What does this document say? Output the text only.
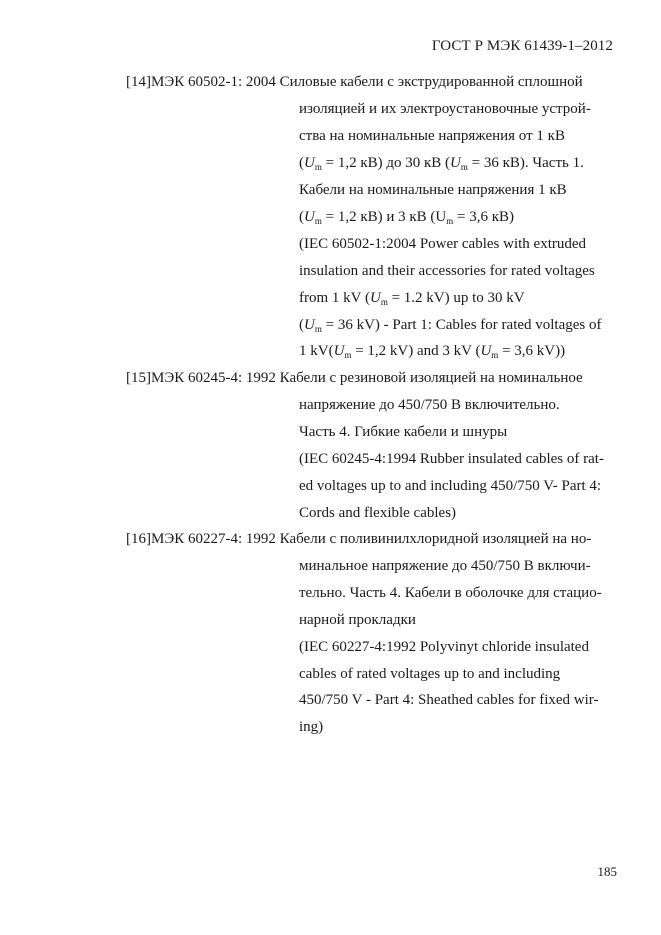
ГОСТ Р МЭК 61439-1–2012
[14]МЭК 60502-1: 2004 Силовые кабели с экструдированной сплошной
изоляцией и их электроустановочные устрой-
ства на номинальные напряжения от 1 кВ
($U_m = 1,2$ кВ) до 30 кВ ($U_m = 36$ кВ). Часть 1.
Кабели на номинальные напряжения 1 кВ
($U_m = 1,2$ кВ) и 3 кВ ($U_m = 3,6$ кВ)
(IEC 60502-1:2004 Power cables with extruded
insulation and their accessories for rated voltages
from 1 kV ($U_m = 1.2$ kV) up to 30 kV
($U_m = 36$ kV) - Part 1: Cables for rated voltages of
1 $kV(U_m = 1,2$ kV) and 3 kV ($U_m = 3,6$ kV))
[15]МЭК 60245-4: 1992 Кабели с резиновой изоляцией на номинальное
напряжение до 450/750 В включительно.
Часть 4. Гибкие кабели и шнуры
(IEC 60245-4:1994 Rubber insulated cables of rat-
ed voltages up to and including 450/750 V- Part 4:
Cords and flexible cables)
[16]МЭК 60227-4: 1992 Кабели с поливинилхлоридной изоляцией на но-
минальное напряжение до 450/750 В включи-
тельно. Часть 4. Кабели в оболочке для стацио-
нарной прокладки
(IEC 60227-4:1992 Polyvinyt chloride insulated
cables of rated voltages up to and including
450/750 V - Part 4: Sheathed cables for fixed wir-
ing)
185
